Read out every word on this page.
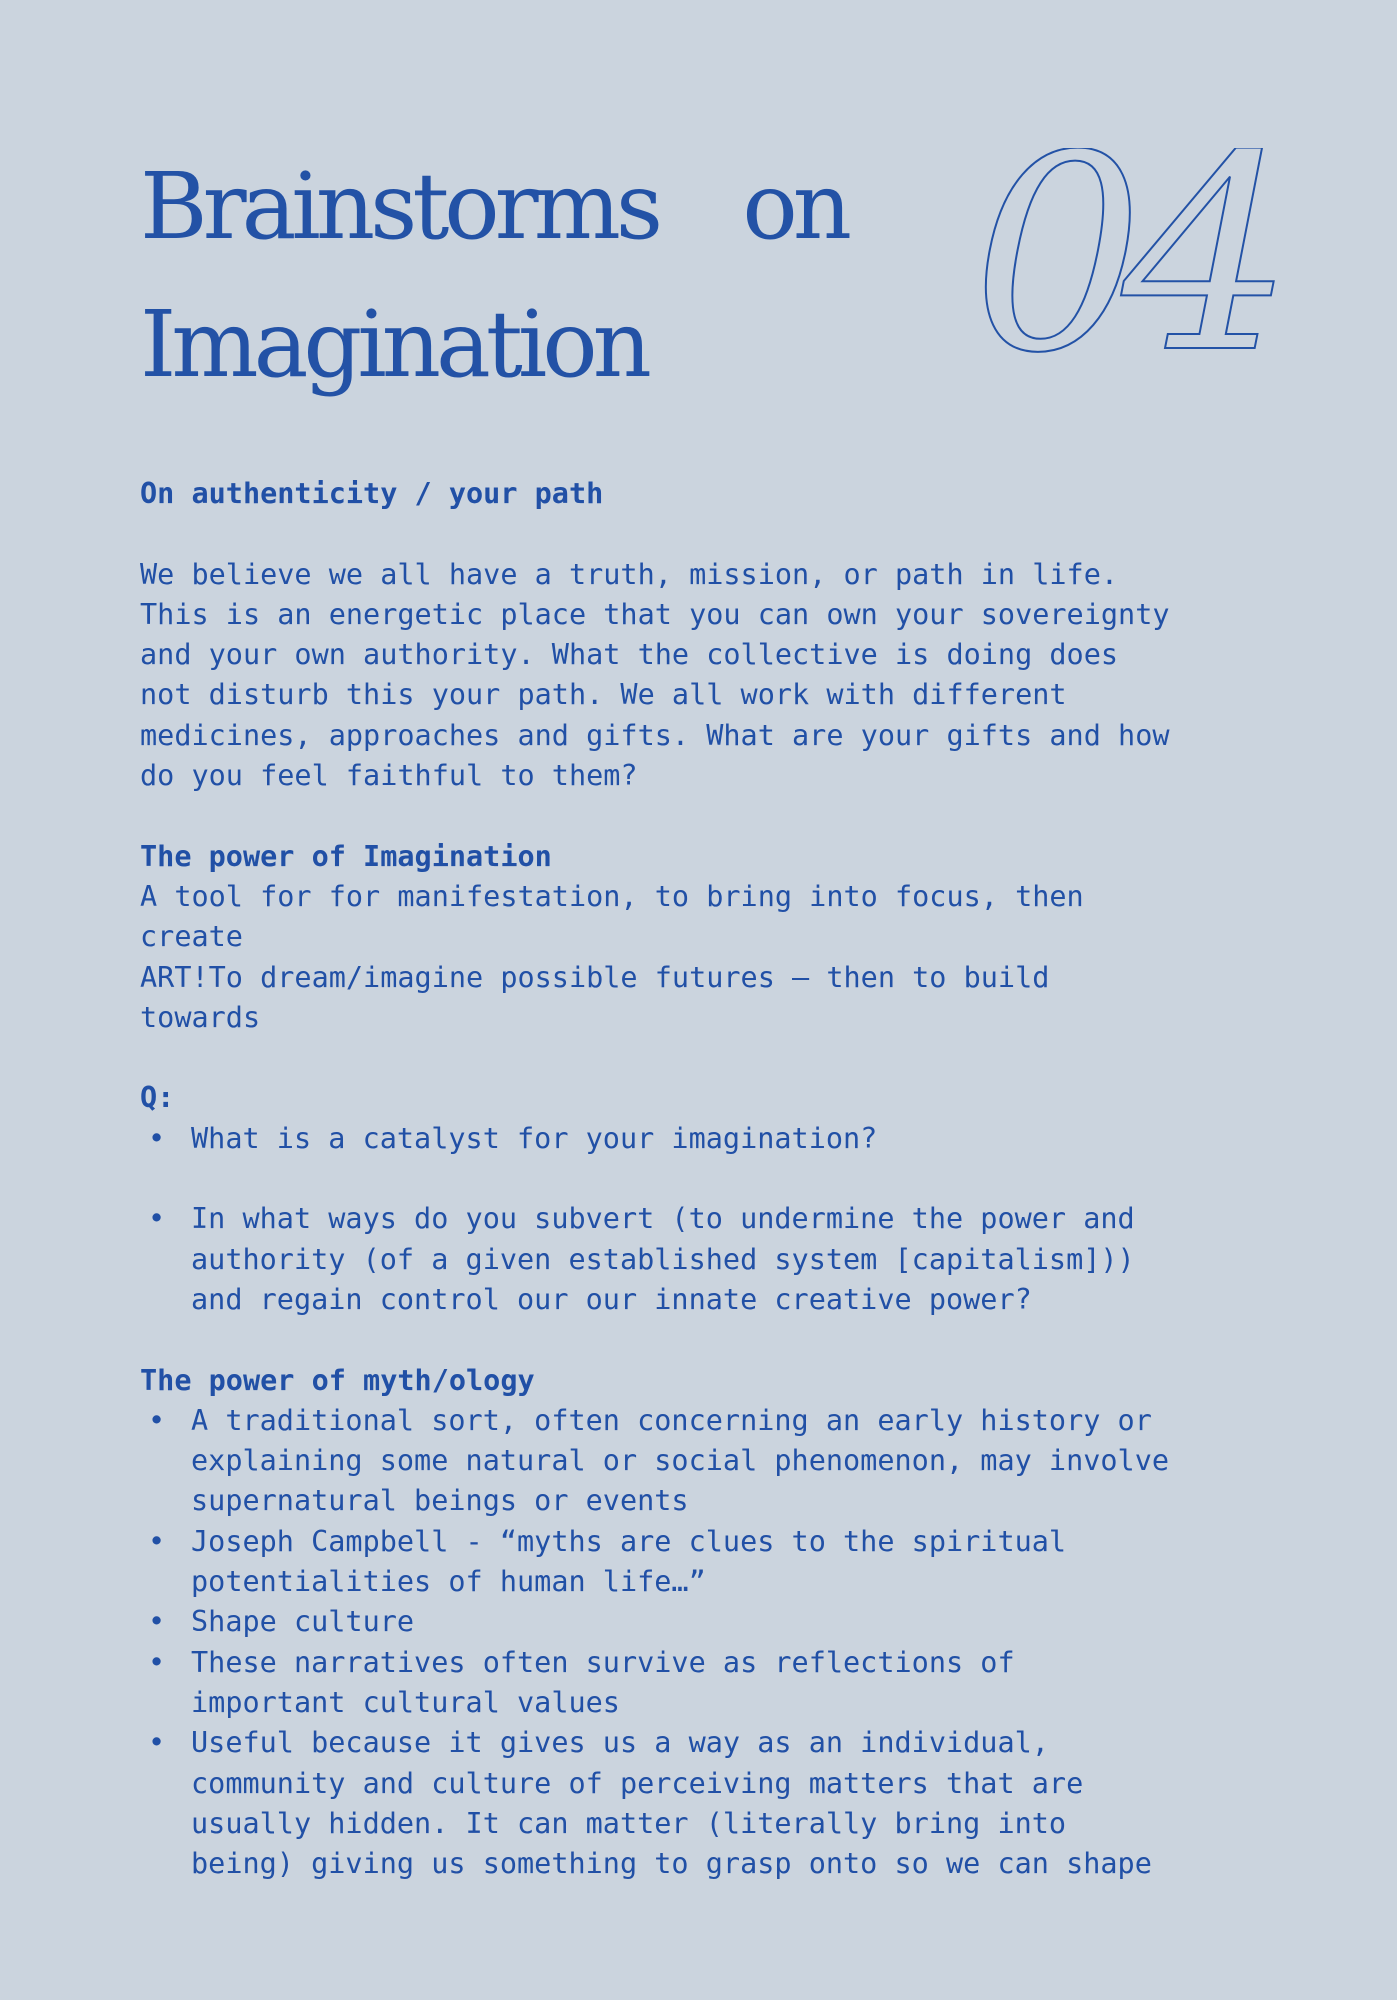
Brainstorms on
Imagination	04

On authenticity / your path

We believe we all have a truth, mission, or path in life.

This is an energetic place that you can own your sovereignty

and your own authority. What the collective is doing does

not disturb this your path. We all work with different

medicines, approaches and gifts. What are your gifts and how

do you feel faithful to them?

The power of Imagination

A tool for for manifestation, to bring into focus, then

create

ART!To dream/imagine possible futures — then to build

towards

Q:

• What is a catalyst for your imagination?

• In what ways do you subvert (to undermine the power and

authority (of a given established system [capitalism]))

and regain control our our innate creative power?

The power of myth/ology

• A traditional sort, often concerning an early history or

explaining some natural or social phenomenon, may involve

supernatural beings or events

• Joseph Campbell - “myths are clues to the spiritual

potentialities of human life…”

• Shape culture

• These narratives often survive as reflections of

important cultural values

• Useful because it gives us a way as an individual,

community and culture of perceiving matters that are

usually hidden. It can matter (literally bring into

being) giving us something to grasp onto so we can shape
